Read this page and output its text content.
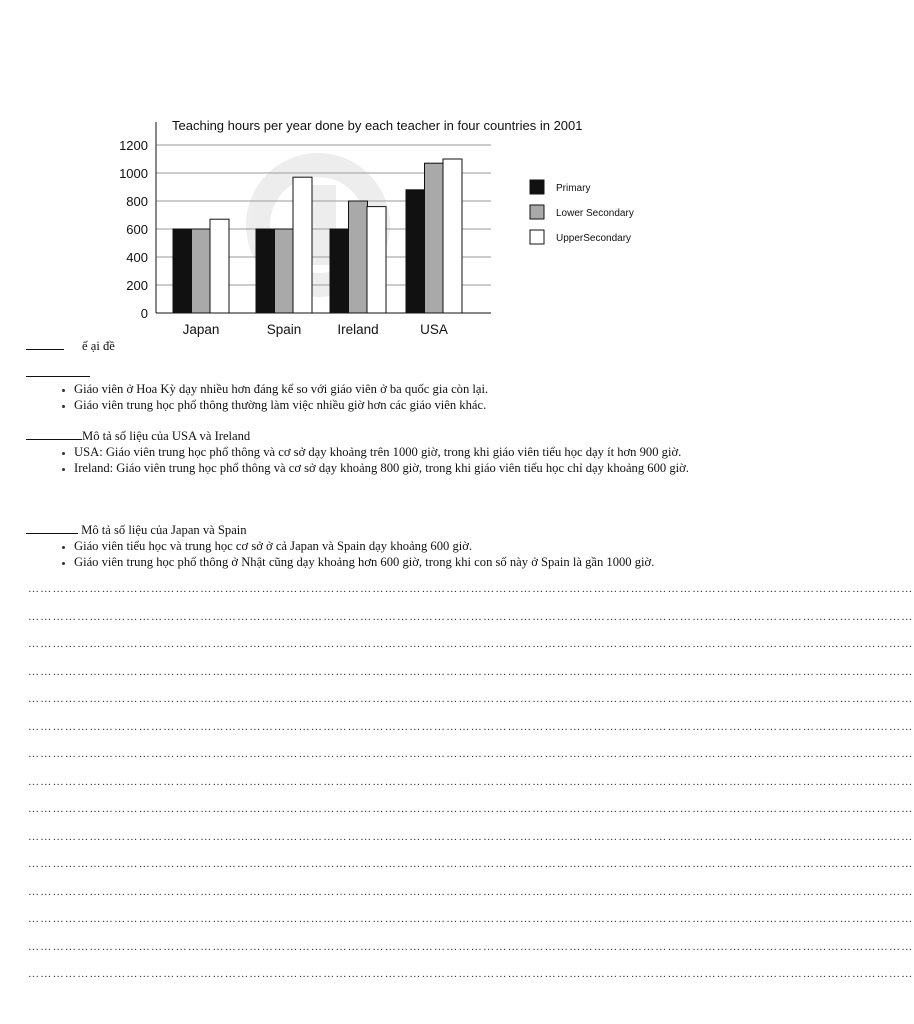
Teaching hours per year done by each teacher in four countries in 2001
0
200
400
600
800
1000
1200
Japan	Spain	Ireland	USA
Primary
Lower Secondary
UpperSecondary
ế ại đề
• Giáo viên ở Hoa Kỳ dạy nhiều hơn đáng kể so với giáo viên ở ba quốc gia còn lại.
• Giáo viên trung học phổ thông thường làm việc nhiều giờ hơn các giáo viên khác.
Mô tả số liệu của USA và Ireland
• USA: Giáo viên trung học phổ thông và cơ sở dạy khoảng trên 1000 giờ, trong khi giáo viên tiểu học dạy ít hơn 900 giờ.
• Ireland: Giáo viên trung học phổ thông và cơ sở dạy khoảng 800 giờ, trong khi giáo viên tiểu học chỉ dạy khoảng 600 giờ.
Mô tả số liệu của Japan và Spain
• Giáo viên tiểu học và trung học cơ sở ở cả Japan và Spain dạy khoảng 600 giờ.
• Giáo viên trung học phổ thông ở Nhật cũng dạy khoảng hơn 600 giờ, trong khi con số này ở Spain là gần 1000 giờ.
………………………………………………………………………………………………………………………………………………………………………………………………
………………………………………………………………………………………………………………………………………………………………………………………………
………………………………………………………………………………………………………………………………………………………………………………………………
………………………………………………………………………………………………………………………………………………………………………………………………
………………………………………………………………………………………………………………………………………………………………………………………………
………………………………………………………………………………………………………………………………………………………………………………………………
………………………………………………………………………………………………………………………………………………………………………………………………
………………………………………………………………………………………………………………………………………………………………………………………………
………………………………………………………………………………………………………………………………………………………………………………………………
………………………………………………………………………………………………………………………………………………………………………………………………
………………………………………………………………………………………………………………………………………………………………………………………………
………………………………………………………………………………………………………………………………………………………………………………………………
………………………………………………………………………………………………………………………………………………………………………………………………
………………………………………………………………………………………………………………………………………………………………………………………………
………………………………………………………………………………………………………………………………………………………………………………………………
